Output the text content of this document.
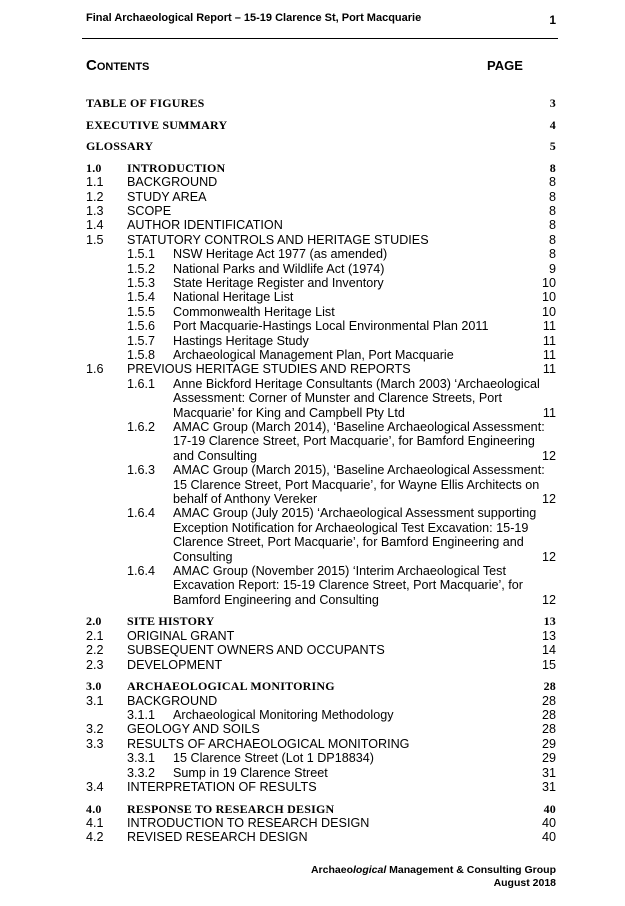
Final Archaeological Report – 15-19 Clarence St, Port Macquarie	1
Contents	PAGE
TABLE OF FIGURES	3
EXECUTIVE SUMMARY	4
GLOSSARY	5
1.0 INTRODUCTION	8
1.1 BACKGROUND	8
1.2 STUDY AREA	8
1.3 SCOPE	8
1.4 AUTHOR IDENTIFICATION	8
1.5 STATUTORY CONTROLS AND HERITAGE STUDIES	8
1.5.1 NSW Heritage Act 1977 (as amended)	8
1.5.2 National Parks and Wildlife Act (1974)	9
1.5.3 State Heritage Register and Inventory	10
1.5.4 National Heritage List	10
1.5.5 Commonwealth Heritage List	10
1.5.6 Port Macquarie-Hastings Local Environmental Plan 2011	11
1.5.7 Hastings Heritage Study	11
1.5.8 Archaeological Management Plan, Port Macquarie	11
1.6 PREVIOUS HERITAGE STUDIES AND REPORTS	11
1.6.1 Anne Bickford Heritage Consultants (March 2003) ‘Archaeological
Assessment: Corner of Munster and Clarence Streets, Port
Macquarie’ for King and Campbell Pty Ltd	11
1.6.2 AMAC Group (March 2014), ‘Baseline Archaeological Assessment:
17-19 Clarence Street, Port Macquarie’, for Bamford Engineering
and Consulting	12
1.6.3 AMAC Group (March 2015), ‘Baseline Archaeological Assessment:
15 Clarence Street, Port Macquarie’, for Wayne Ellis Architects on
behalf of Anthony Vereker	12
1.6.4 AMAC Group (July 2015) ‘Archaeological Assessment supporting
Exception Notification for Archaeological Test Excavation: 15-19
Clarence Street, Port Macquarie’, for Bamford Engineering and
Consulting	12
1.6.4 AMAC Group (November 2015) ‘Interim Archaeological Test
Excavation Report: 15-19 Clarence Street, Port Macquarie’, for
Bamford Engineering and Consulting	12
2.0 SITE HISTORY	13
2.1 ORIGINAL GRANT	13
2.2 SUBSEQUENT OWNERS AND OCCUPANTS	14
2.3 DEVELOPMENT	15
3.0 ARCHAEOLOGICAL MONITORING	28
3.1 BACKGROUND	28
3.1.1 Archaeological Monitoring Methodology	28
3.2 GEOLOGY AND SOILS	28
3.3 RESULTS OF ARCHAEOLOGICAL MONITORING	29
3.3.1 15 Clarence Street (Lot 1 DP18834)	29
3.3.2 Sump in 19 Clarence Street	31
3.4 INTERPRETATION OF RESULTS	31
4.0 RESPONSE TO RESEARCH DESIGN	40
4.1 INTRODUCTION TO RESEARCH DESIGN	40
4.2 REVISED RESEARCH DESIGN	40
Archaeological Management & Consulting Group
August 2018
